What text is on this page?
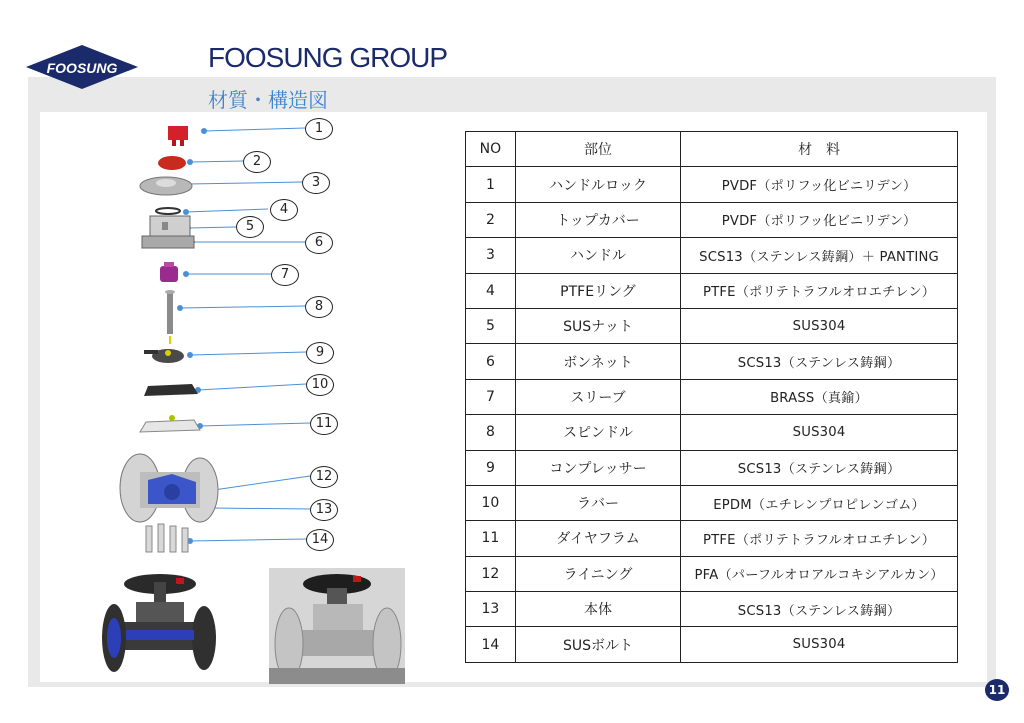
FOOSUNG	FOOSUNG GROUP
材質・構造図
1
2
3
4
5
6
7
8
9
10
11
12
13
14
NO	部位	材　料
1	ハンドルロック	PVDF（ポリフッ化ビニリデン）
2	トップカバー	PVDF（ポリフッ化ビニリデン）
3	ハンドル	SCS13（ステンレス鋳鋼）＋ PANTING
4	PTFEリング	PTFE（ポリテトラフルオロエチレン）
5	SUSナット	SUS304
6	ボンネット	SCS13（ステンレス鋳鋼）
7	スリーブ	BRASS（真鍮）
8	スピンドル	SUS304
9	コンプレッサー	SCS13（ステンレス鋳鋼）
10	ラバー	EPDM（エチレンプロピレンゴム）
11	ダイヤフラム	PTFE（ポリテトラフルオロエチレン）
12	ライニング	PFA（パーフルオロアルコキシアルカン）
13	本体	SCS13（ステンレス鋳鋼）
14	SUSボルト	SUS304
11
